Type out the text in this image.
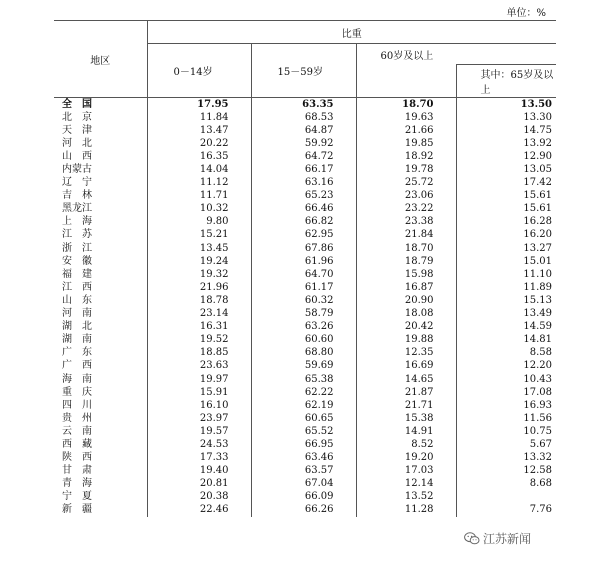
单位：%
地区	比重			
	0－14岁	15－59岁	60岁及以上	
				其中：65岁及以上
全　国	17.95	63.35	18.70	13.50
北　京	11.84	68.53	19.63	13.30
天　津	13.47	64.87	21.66	14.75
河　北	20.22	59.92	19.85	13.92
山　西	16.35	64.72	18.92	12.90
内蒙古	14.04	66.17	19.78	13.05
辽　宁	11.12	63.16	25.72	17.42
吉　林	11.71	65.23	23.06	15.61
黑龙江	10.32	66.46	23.22	15.61
上　海	9.80	66.82	23.38	16.28
江　苏	15.21	62.95	21.84	16.20
浙　江	13.45	67.86	18.70	13.27
安　徽	19.24	61.96	18.79	15.01
福　建	19.32	64.70	15.98	11.10
江　西	21.96	61.17	16.87	11.89
山　东	18.78	60.32	20.90	15.13
河　南	23.14	58.79	18.08	13.49
湖　北	16.31	63.26	20.42	14.59
湖　南	19.52	60.60	19.88	14.81
广　东	18.85	68.80	12.35	8.58
广　西	23.63	59.69	16.69	12.20
海　南	19.97	65.38	14.65	10.43
重　庆	15.91	62.22	21.87	17.08
四　川	16.10	62.19	21.71	16.93
贵　州	23.97	60.65	15.38	11.56
云　南	19.57	65.52	14.91	10.75
西　藏	24.53	66.95	8.52	5.67
陕　西	17.33	63.46	19.20	13.32
甘　肃	19.40	63.57	17.03	12.58
青　海	20.81	67.04	12.14	8.68
宁　夏	20.38	66.09	13.52	
新　疆	22.46	66.26	11.28	7.76
江苏新闻
